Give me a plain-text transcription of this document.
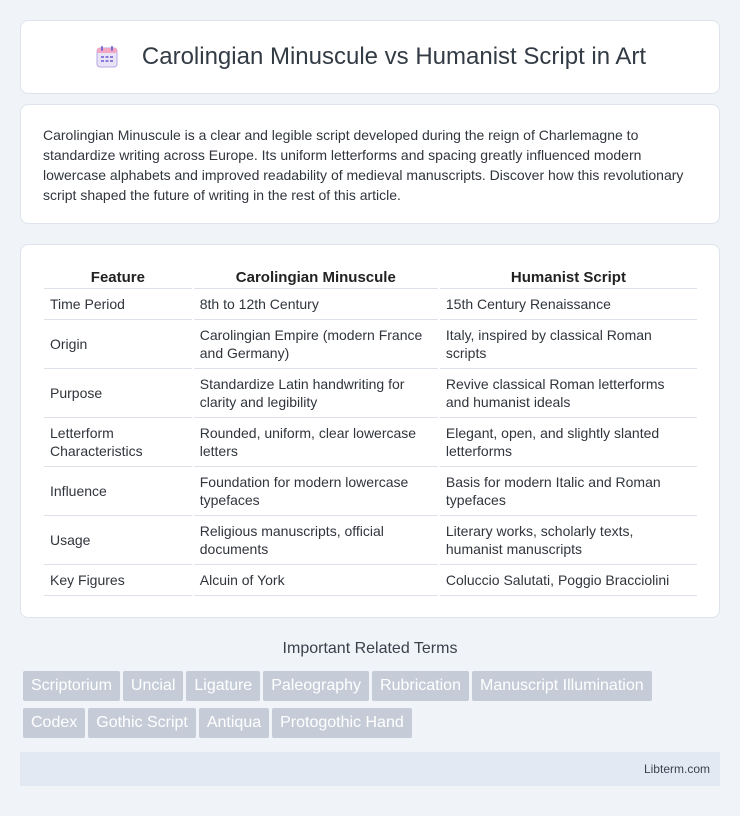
Carolingian Minuscule vs Humanist Script in Art

Carolingian Minuscule is a clear and legible script developed during the reign of Charlemagne to standardize writing across Europe. Its uniform letterforms and spacing greatly influenced modern lowercase alphabets and improved readability of medieval manuscripts. Discover how this revolutionary script shaped the future of writing in the rest of this article.

Feature	Carolingian Minuscule	Humanist Script
Time Period	8th to 12th Century	15th Century Renaissance
Origin	Carolingian Empire (modern France and Germany)	Italy, inspired by classical Roman scripts
Purpose	Standardize Latin handwriting for clarity and legibility	Revive classical Roman letterforms and humanist ideals
Letterform Characteristics	Rounded, uniform, clear lowercase letters	Elegant, open, and slightly slanted letterforms
Influence	Foundation for modern lowercase typefaces	Basis for modern Italic and Roman typefaces
Usage	Religious manuscripts, official documents	Literary works, scholarly texts, humanist manuscripts
Key Figures	Alcuin of York	Coluccio Salutati, Poggio Bracciolini
Important Related Terms
Scriptorium Uncial Ligature Paleography Rubrication Manuscript Illumination
Codex Gothic Script Antiqua Protogothic Hand
Libterm.com
